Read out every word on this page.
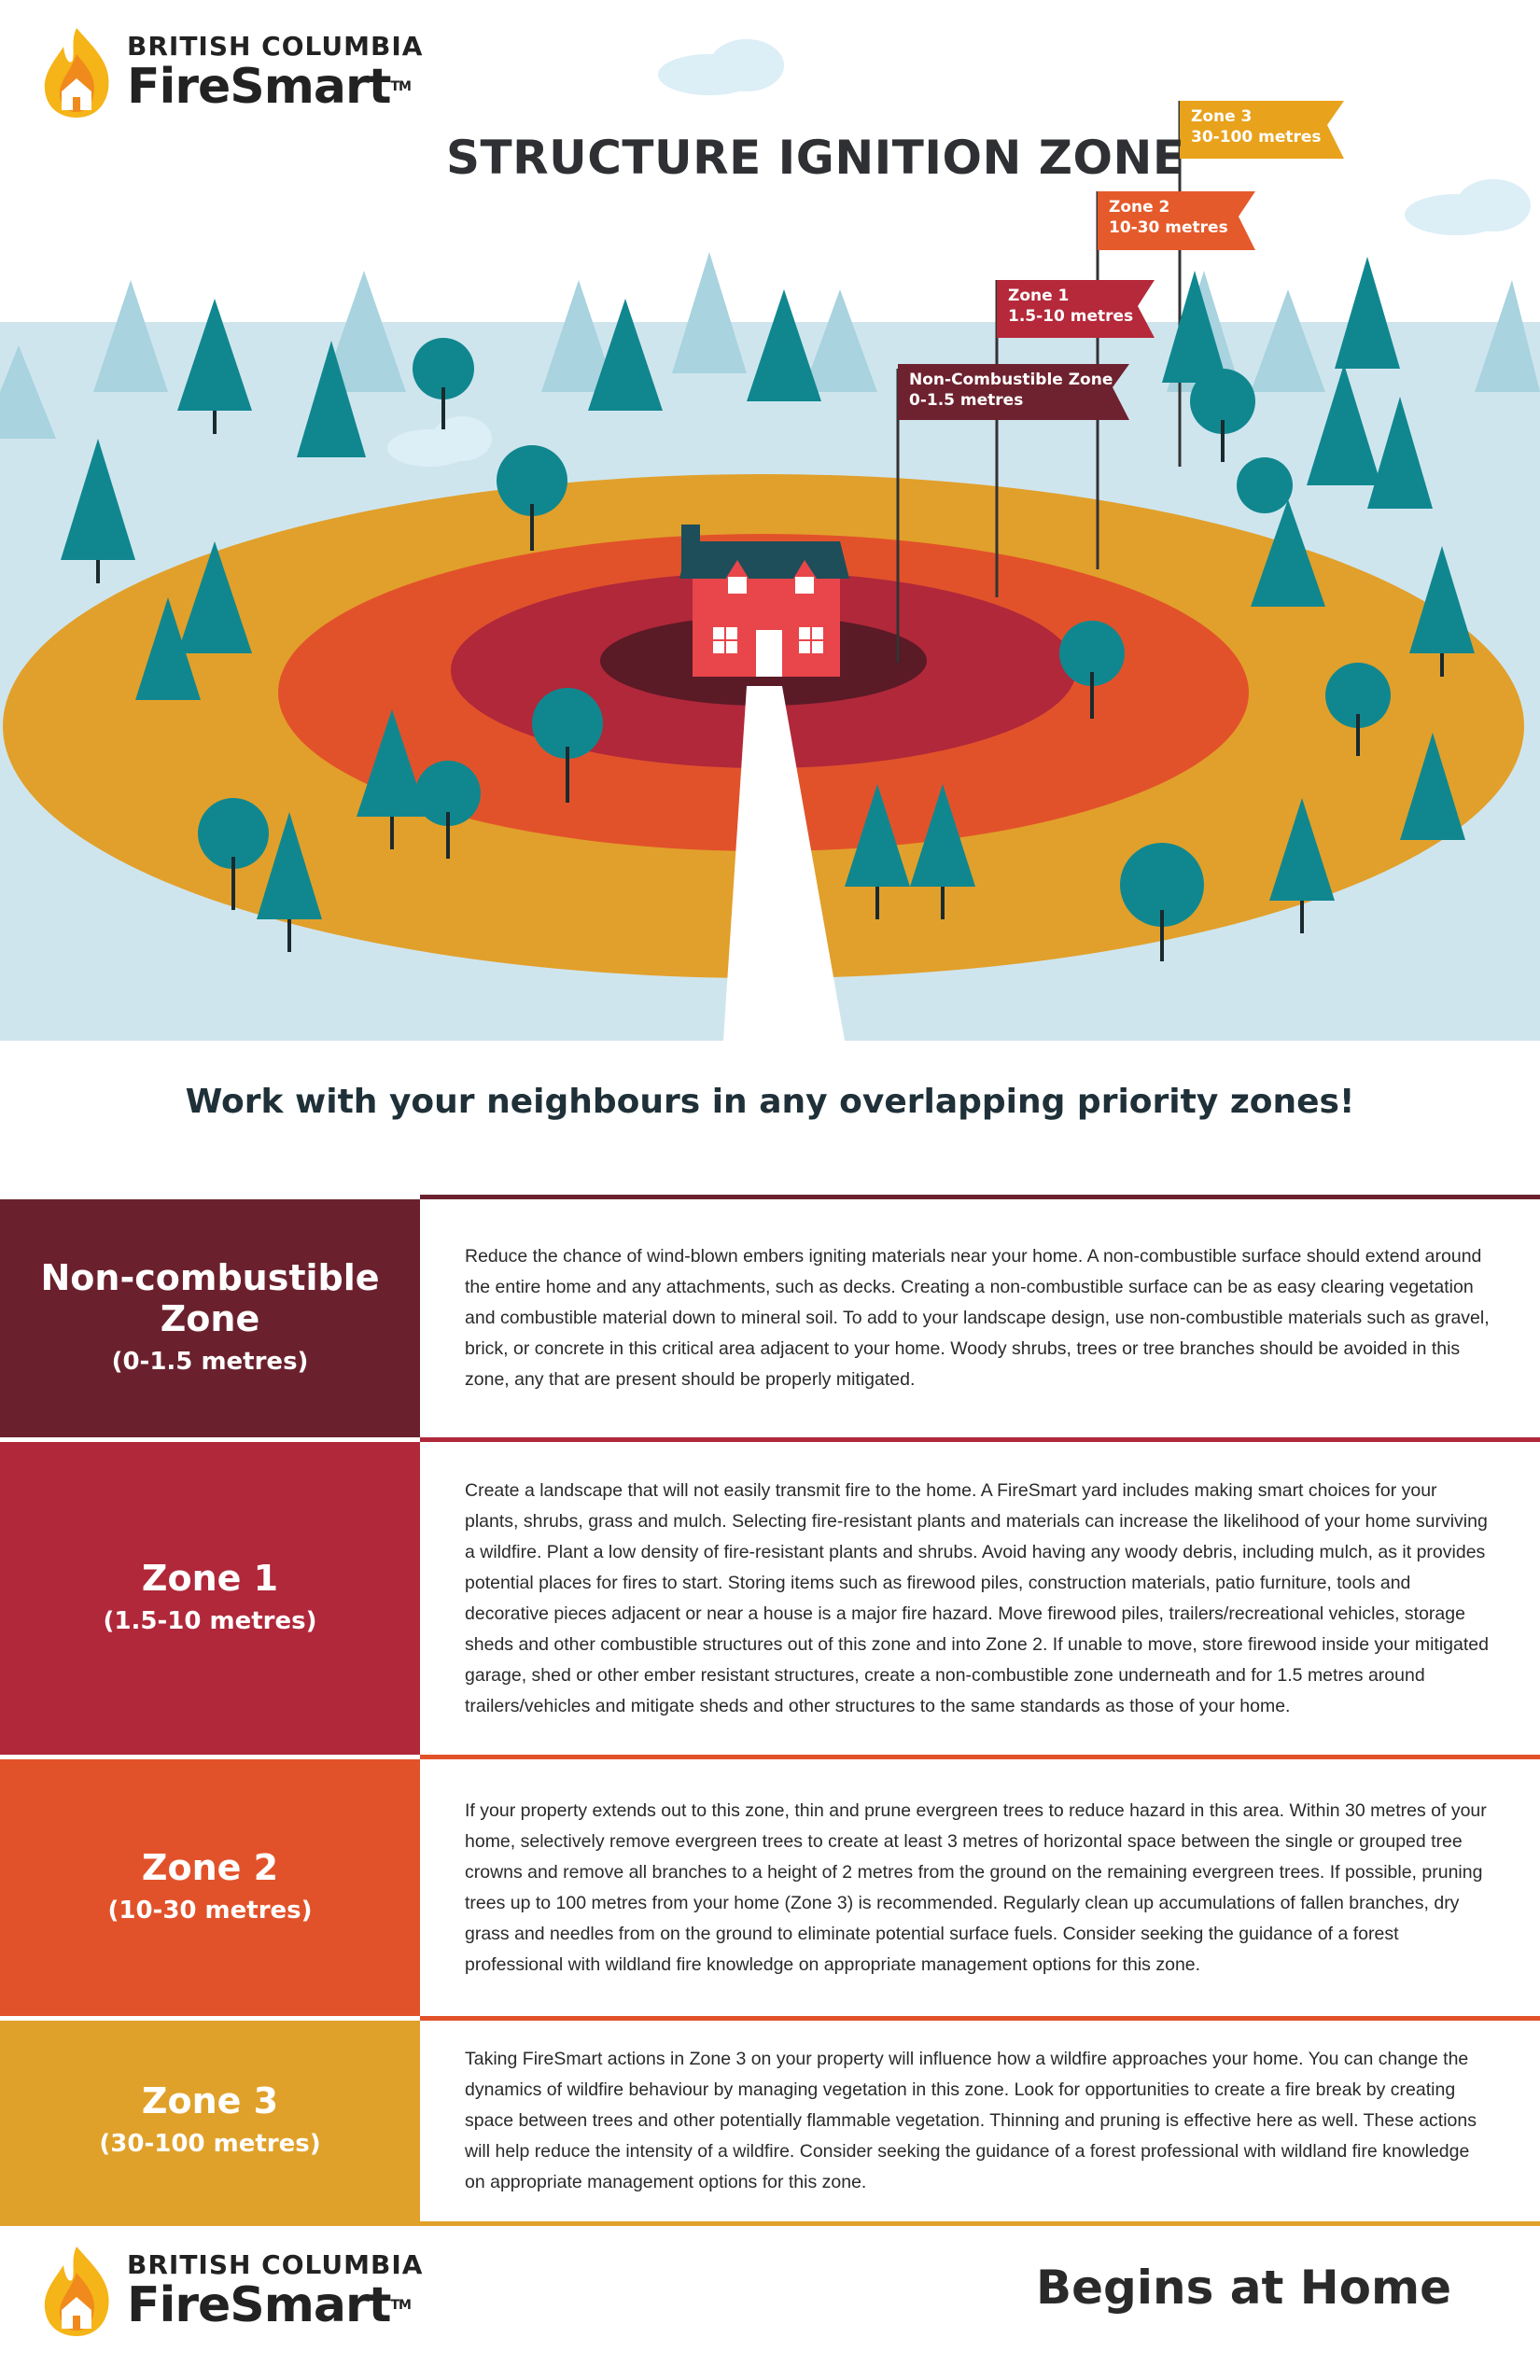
BRITISH COLUMBIA
FireSmart™
STRUCTURE IGNITION ZONE
Zone 3
30-100 metres
Zone 2
10-30 metres
Zone 1
1.5-10 metres
Non-Combustible Zone
0-1.5 metres
Work with your neighbours in any overlapping priority zones!
Non-combustible Zone
(0-1.5 metres)
Reduce the chance of wind-blown embers igniting materials near your home. A non-combustible surface should extend around the entire home and any attachments, such as decks. Creating a non-combustible surface can be as easy clearing vegetation and combustible material down to mineral soil. To add to your landscape design, use non-combustible materials such as gravel, brick, or concrete in this critical area adjacent to your home. Woody shrubs, trees or tree branches should be avoided in this zone, any that are present should be properly mitigated.
Zone 1
(1.5-10 metres)
Create a landscape that will not easily transmit fire to the home. A FireSmart yard includes making smart choices for your plants, shrubs, grass and mulch. Selecting fire-resistant plants and materials can increase the likelihood of your home surviving a wildfire. Plant a low density of fire-resistant plants and shrubs. Avoid having any woody debris, including mulch, as it provides potential places for fires to start. Storing items such as firewood piles, construction materials, patio furniture, tools and decorative pieces adjacent or near a house is a major fire hazard. Move firewood piles, trailers/recreational vehicles, storage sheds and other combustible structures out of this zone and into Zone 2. If unable to move, store firewood inside your mitigated garage, shed or other ember resistant structures, create a non-combustible zone underneath and for 1.5 metres around trailers/vehicles and mitigate sheds and other structures to the same standards as those of your home.
Zone 2
(10-30 metres)
If your property extends out to this zone, thin and prune evergreen trees to reduce hazard in this area. Within 30 metres of your home, selectively remove evergreen trees to create at least 3 metres of horizontal space between the single or grouped tree crowns and remove all branches to a height of 2 metres from the ground on the remaining evergreen trees. If possible, pruning trees up to 100 metres from your home (Zone 3) is recommended. Regularly clean up accumulations of fallen branches, dry grass and needles from on the ground to eliminate potential surface fuels. Consider seeking the guidance of a forest professional with wildland fire knowledge on appropriate management options for this zone.
Zone 3
(30-100 metres)
Taking FireSmart actions in Zone 3 on your property will influence how a wildfire approaches your home. You can change the dynamics of wildfire behaviour by managing vegetation in this zone. Look for opportunities to create a fire break by creating space between trees and other potentially flammable vegetation. Thinning and pruning is effective here as well. These actions will help reduce the intensity of a wildfire. Consider seeking the guidance of a forest professional with wildland fire knowledge on appropriate management options for this zone.
BRITISH COLUMBIA
FireSmart™	Begins at Home
